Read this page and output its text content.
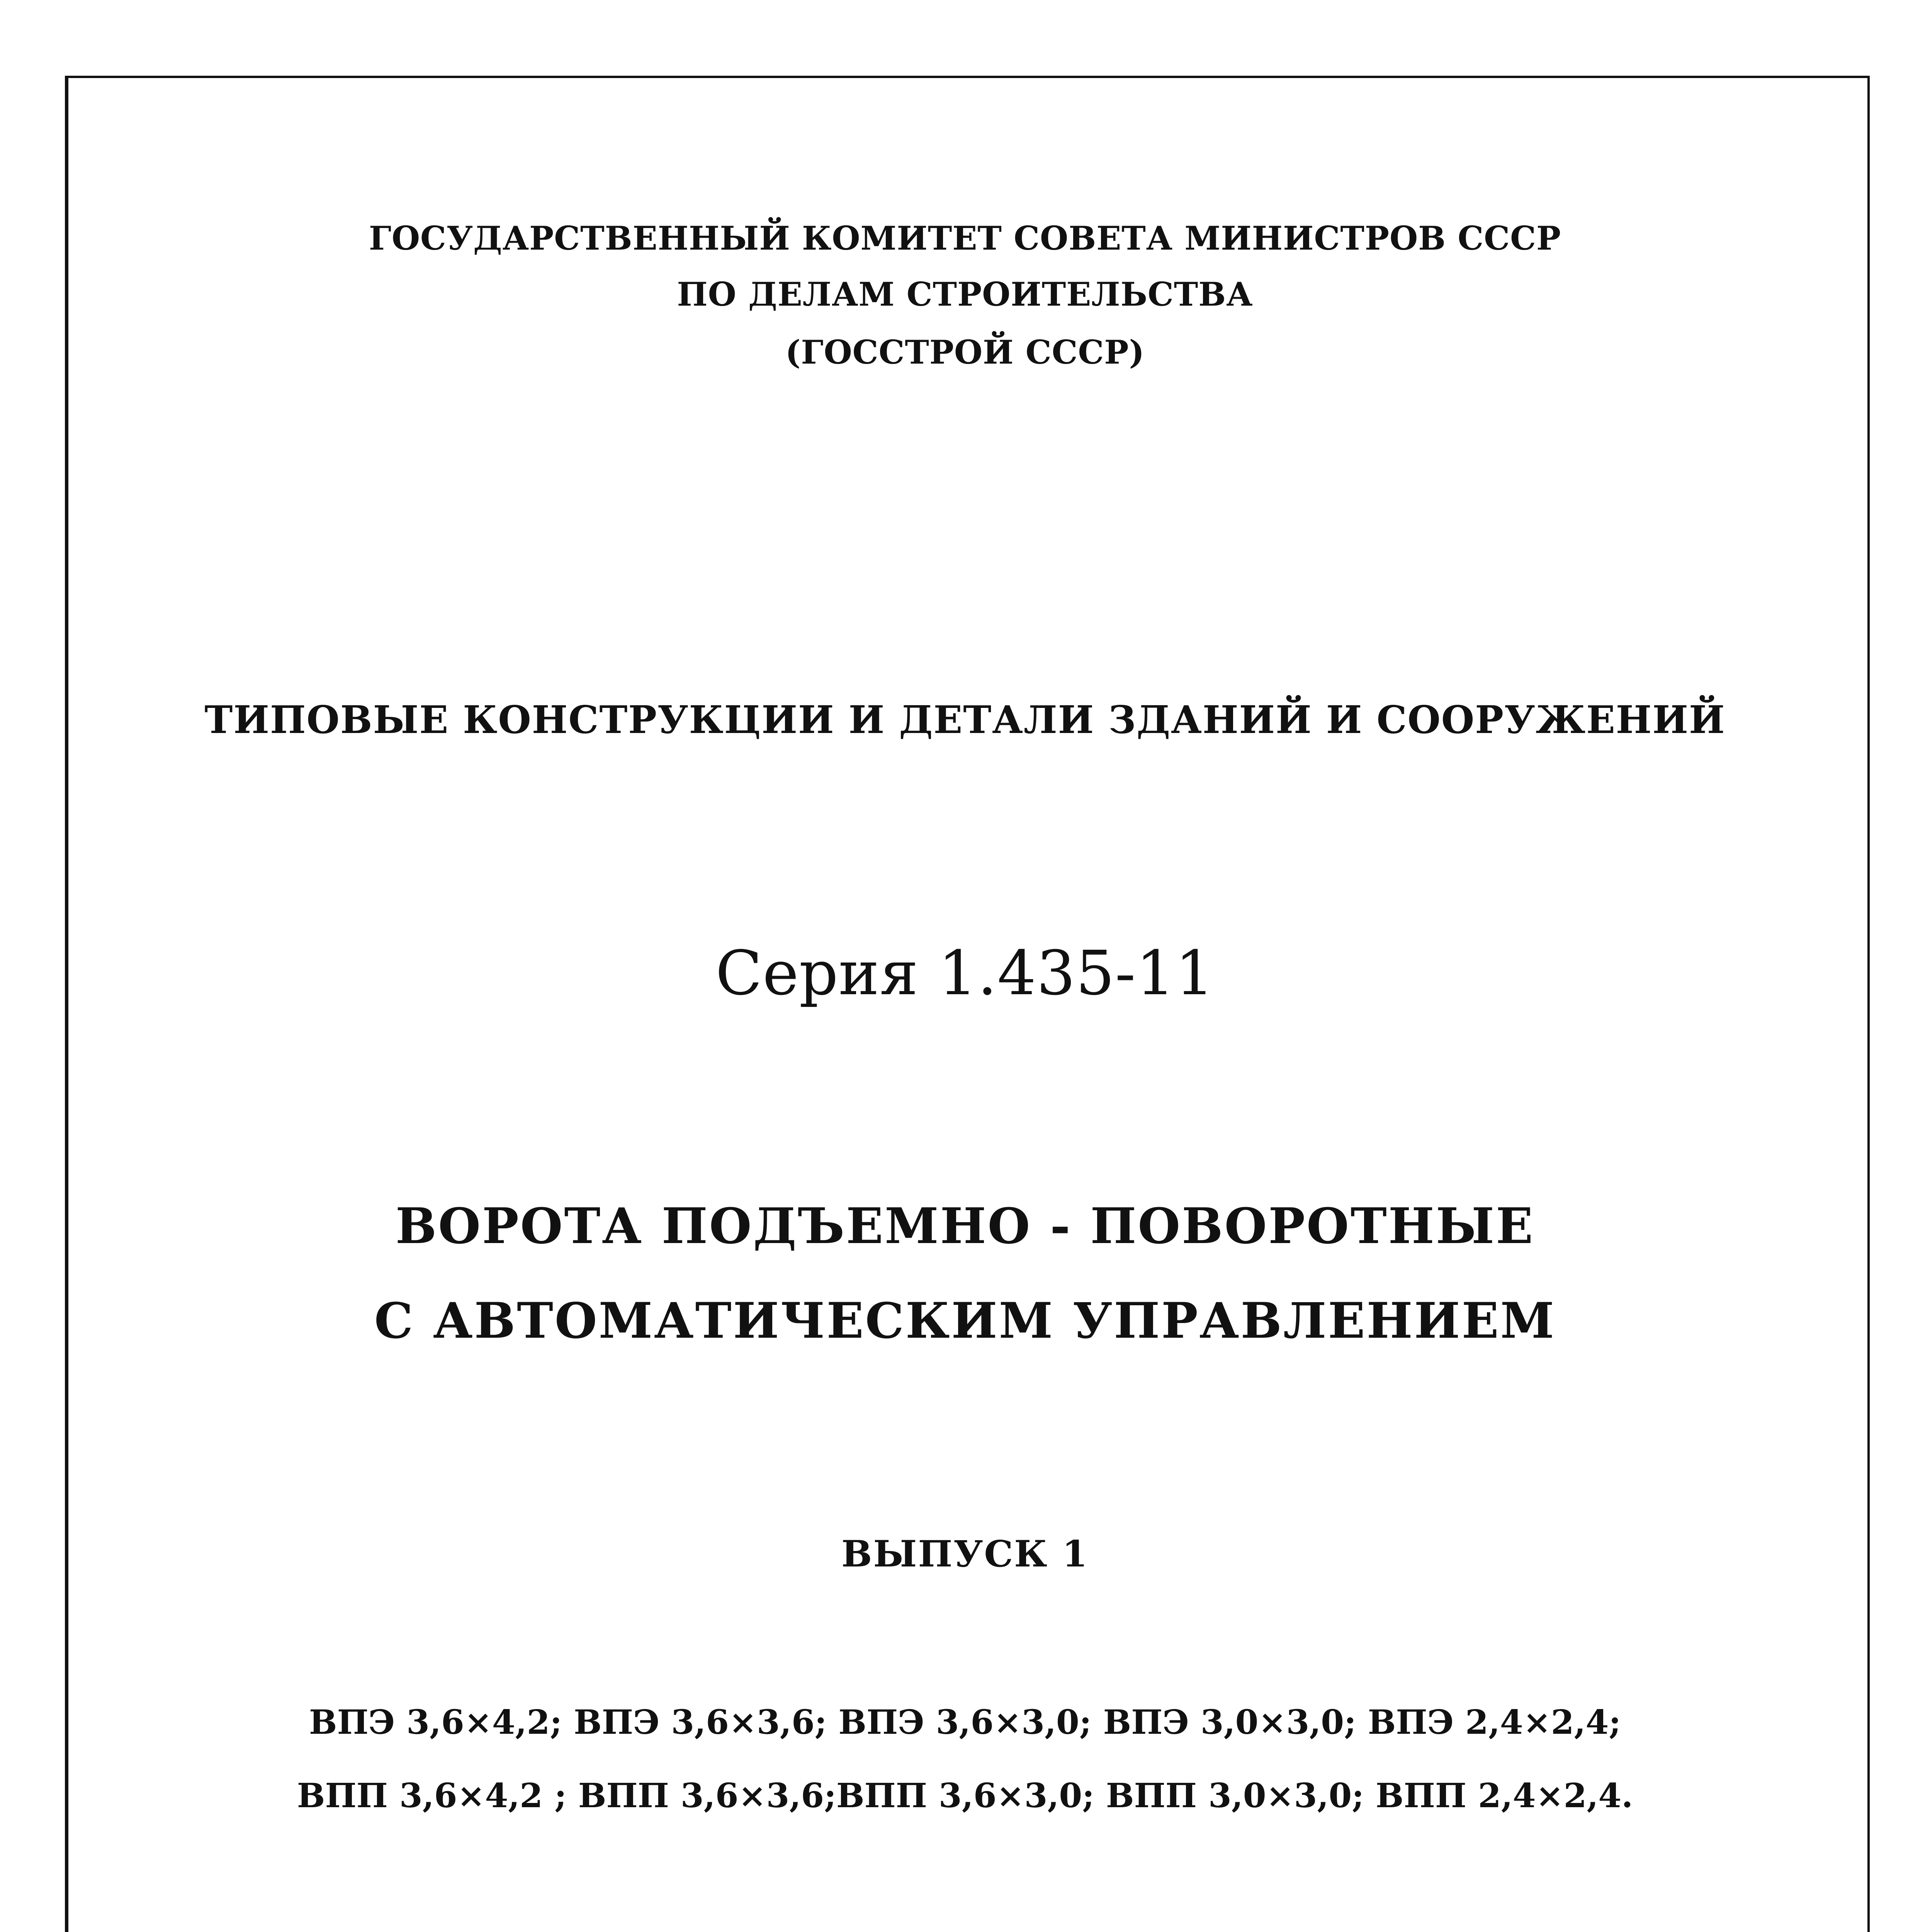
ГОСУДАРСТВЕННЫЙ КОМИТЕТ СОВЕТА МИНИСТРОВ СССР
ПО ДЕЛАМ СТРОИТЕЛЬСТВА
(ГОССТРОЙ СССР)
ТИПОВЫЕ КОНСТРУКЦИИ И ДЕТАЛИ ЗДАНИЙ И СООРУЖЕНИЙ
Серия 1.435-11
ВОРОТА ПОДЪЕМНО - ПОВОРОТНЫЕ
С АВТОМАТИЧЕСКИМ УПРАВЛЕНИЕМ
ВЫПУСК 1
ВПЭ 3,6×4,2; ВПЭ 3,6×3,6; ВПЭ 3,6×3,0; ВПЭ 3,0×3,0; ВПЭ 2,4×2,4;
ВПП 3,6×4,2 ; ВПП 3,6×3,6;ВПП 3,6×3,0; ВПП 3,0×3,0; ВПП 2,4×2,4.
